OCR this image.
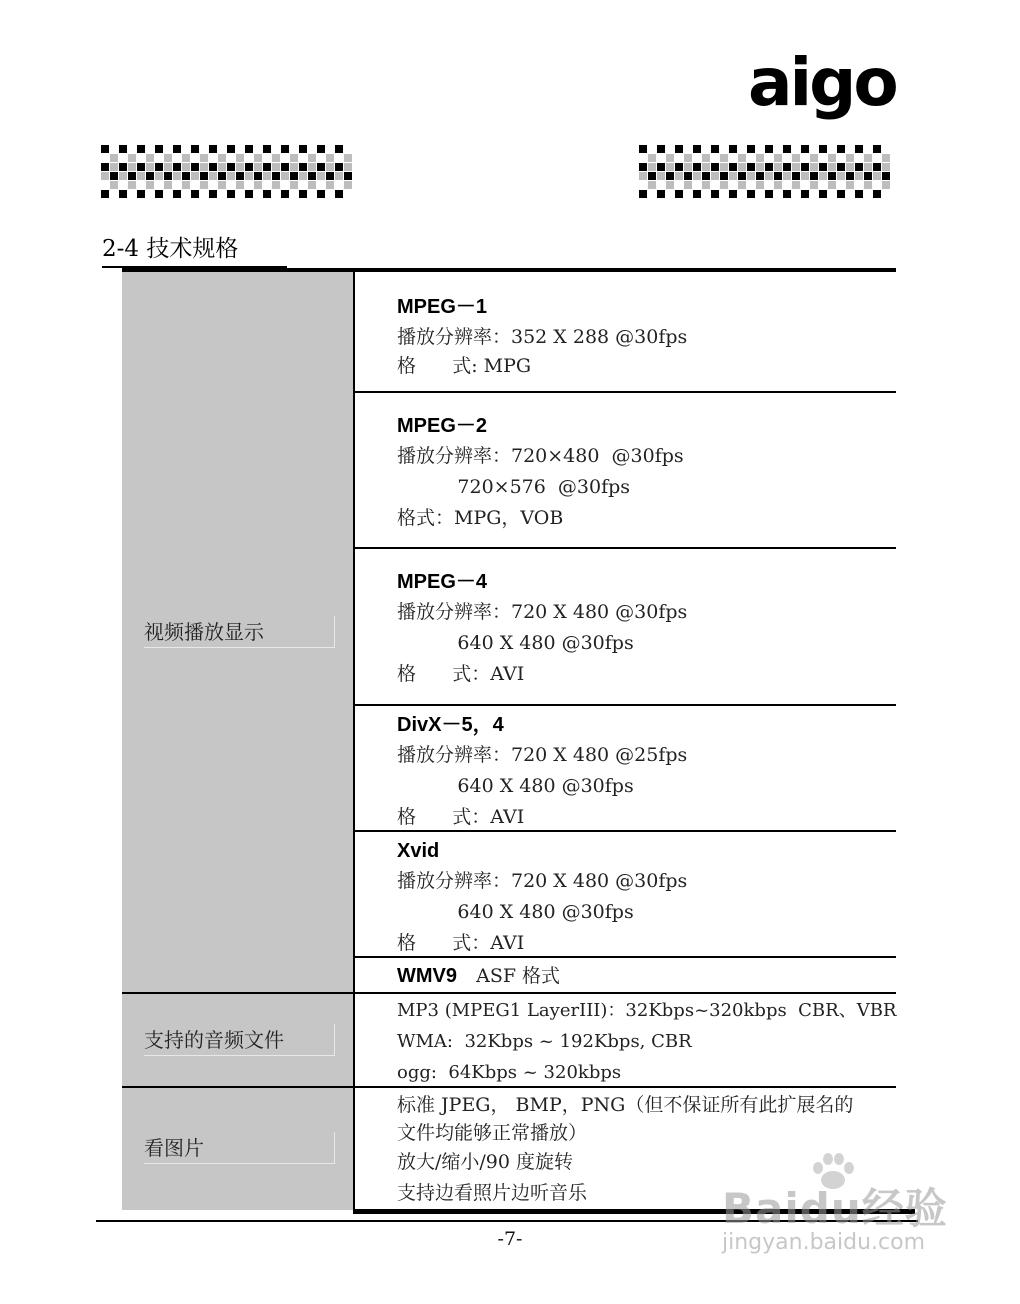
aigo
2-4 技术规格
视频播放显示
支持的音频文件
看图片
MPEG－1
播放分辨率：352 X 288 @30fps
格      式: MPG
MPEG－2
播放分辨率：720×480  @30fps
720×576  @30fps
格式：MPG，VOB
MPEG－4
播放分辨率：720 X 480 @30fps
640 X 480 @30fps
格      式：AVI
DivX－5，4
播放分辨率：720 X 480 @25fps
640 X 480 @30fps
格      式：AVI
Xvid
播放分辨率：720 X 480 @30fps
640 X 480 @30fps
格      式：AVI
WMV9 ASF 格式
MP3 (MPEG1 LayerIII)：32Kbps~320kbps  CBR、VBR
WMA:  32Kbps ~ 192Kbps, CBR
ogg:  64Kbps ~ 320kbps
标准 JPEG， BMP，PNG（但不保证所有此扩展名的
文件均能够正常播放）
放大/缩小/90 度旋转
支持边看照片边听音乐
-7-
Baidu经验
jingyan.baidu.com
